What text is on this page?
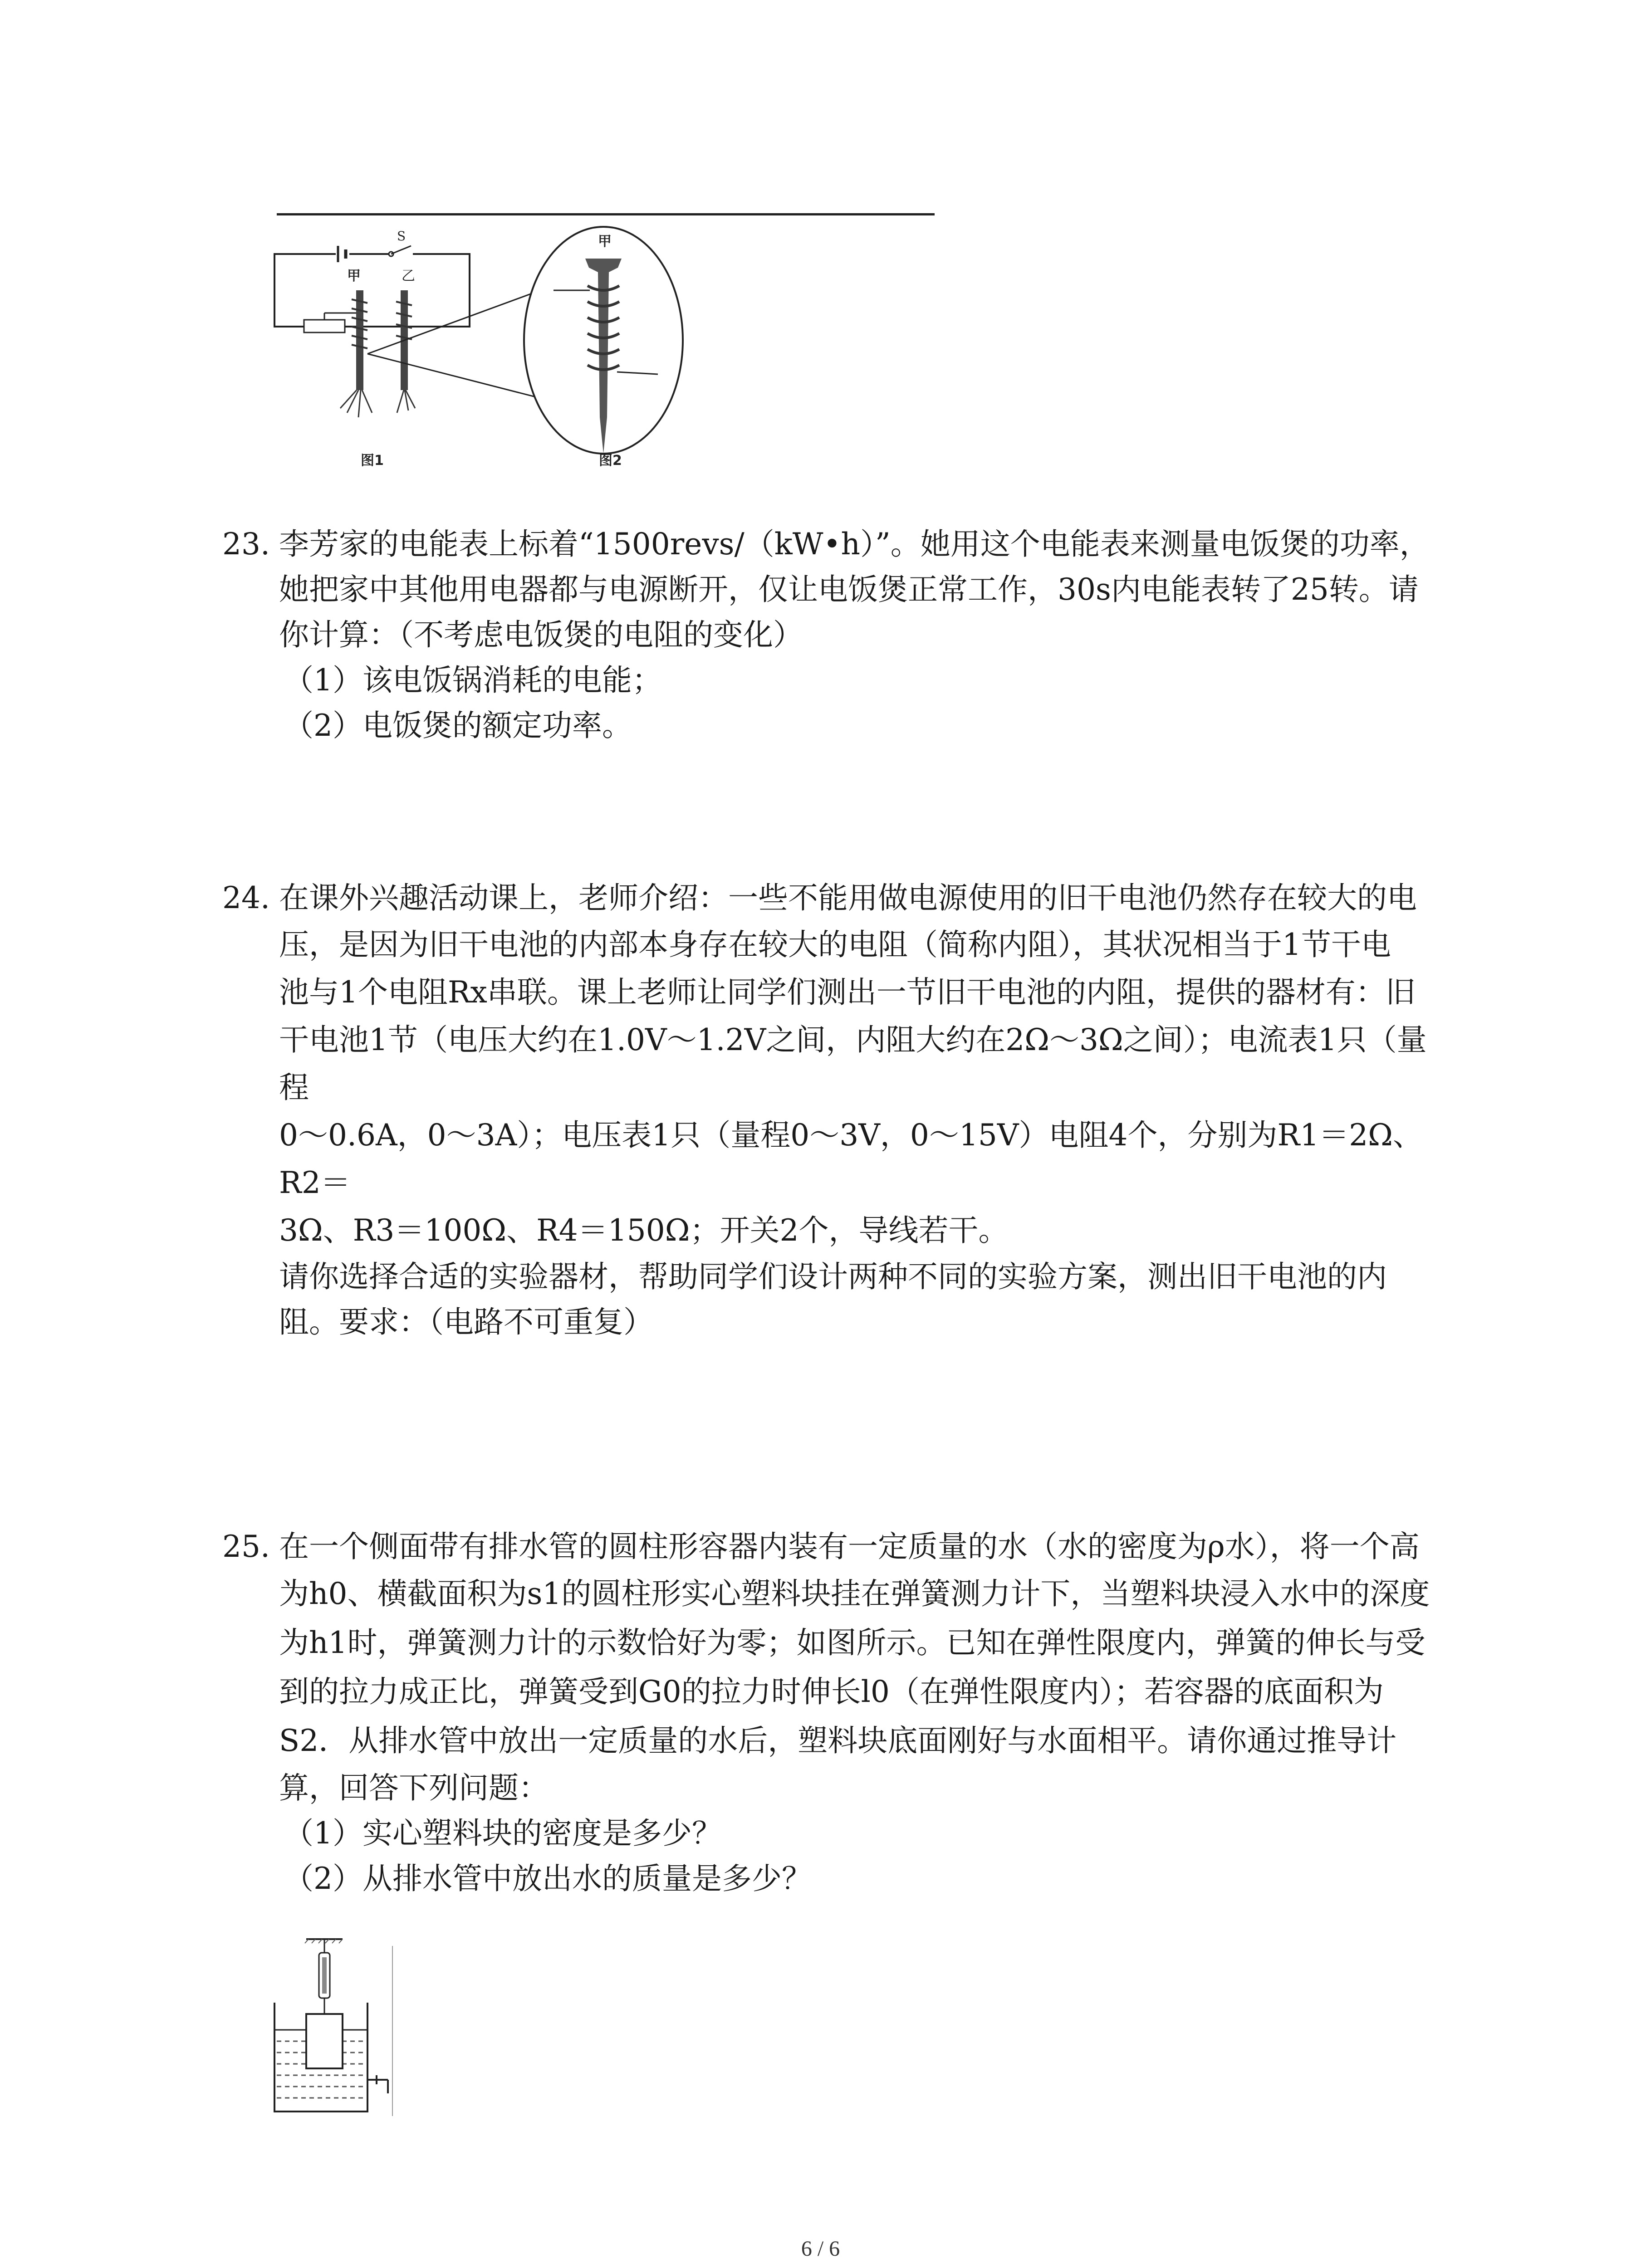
S
甲	乙
甲
图1	图2

23. 李芳家的电能表上标着“1500revs/（kW•h）”。她用这个电能表来测量电饭煲的功率，

她把家中其他用电器都与电源断开，仅让电饭煲正常工作，30s内电能表转了25转。请

你计算：（不考虑电饭煲的电阻的变化）

（1）该电饭锅消耗的电能；

（2）电饭煲的额定功率。

24. 在课外兴趣活动课上，老师介绍：一些不能用做电源使用的旧干电池仍然存在较大的电

压，是因为旧干电池的内部本身存在较大的电阻（简称内阻），其状况相当于1节干电

池与1个电阻Rx串联。课上老师让同学们测出一节旧干电池的内阻，提供的器材有：旧

干电池1节（电压大约在1.0V～1.2V之间，内阻大约在2Ω～3Ω之间）；电流表1只（量程

0～0.6A，0～3A）；电压表1只（量程0～3V，0～15V）电阻4个，分别为R1＝2Ω、R2＝

3Ω、R3＝100Ω、R4＝150Ω；开关2个，导线若干。

请你选择合适的实验器材，帮助同学们设计两种不同的实验方案，测出旧干电池的内

阻。要求：（电路不可重复）

25. 在一个侧面带有排水管的圆柱形容器内装有一定质量的水（水的密度为ρ水），将一个高

为h0、横截面积为s1的圆柱形实心塑料块挂在弹簧测力计下，当塑料块浸入水中的深度

为h1时，弹簧测力计的示数恰好为零；如图所示。已知在弹性限度内，弹簧的伸长与受

到的拉力成正比，弹簧受到G0的拉力时伸长l0（在弹性限度内）；若容器的底面积为

S2．从排水管中放出一定质量的水后，塑料块底面刚好与水面相平。请你通过推导计

算，回答下列问题：

（1）实心塑料块的密度是多少？

（2）从排水管中放出水的质量是多少？

6 / 6
